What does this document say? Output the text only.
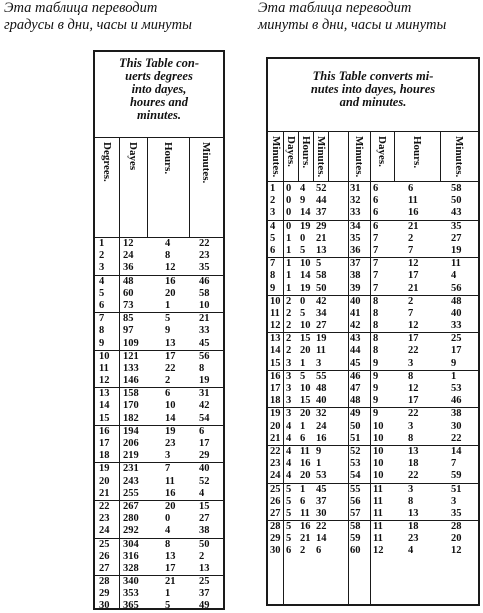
Эта таблица переводит
градусы в дни, часы и минуты
Эта таблица переводит
минуты в дни, часы и минуты
This Table con-
uerts degrees
into dayes,
houres and
minutes.
Degrees. Dayes Hours. Minutes.
1 12	4	22
2 24	8	23
3 36	12 35
4 48	16 46
5 60	20 58
6 73	1	10
7 85	5	21
8 97	9	33
9 109	13 45
10 121	17 56
11 133	22 8
12 146	2	19
13 158	6	31
14 170	10 42
15 182	14 54
16 194	19 6
17 206	23 17
18 219	3	29
19 231	7	40
20 243	11 52
21 255	16 4
22 267	20 15
23 280	0	27
24 292	4	38
25 304	8	50
26 316	13 2
27 328	17 13
28 340	21 25
29 353	1	37
30 365	5	49
This Table converts mi-
nutes into dayes, houres
and minutes.
Minutes. Dayes. Hours. Minutes. Minutes. Dayes. Hours.	Minutes.
1 0 4 52 31 6	6	58
2 0 9 44 32 6	11	50
3 0 14 37 33 6	16	43
4 0 19 29 34 6	21	35
5 1 0 21 35 7	2	27
6 1 5 13 36 7	7	19
7 1 10 5	37 7	12	11
8 1 14 58 38 7	17	4
9 1 19 50 39 7	21	56
10 2 0 42 40 8	2	48
11 2 5 34 41 8	7	40
12 2 10 27 42 8	12	33
13 2 15 19 43 8	17	25
14 2 20 11 44 8	22	17
15 3 1 3	45 9	3	9
16 3 5 55 46 9	8	1
17 3 10 48 47 9	12	53
18 3 15 40 48 9	17	46
19 3 20 32 49 9	22	38
20 4 1 24 50 10 3	30
21 4 6 16 51 10 8	22
22 4 11 9	52 10 13	14
23 4 16 1	53 10 18	7
24 4 20 53 54 10 22	59
25 5 1 45 55 11 3	51
26 5 6 37 56 11 8	3
27 5 11 30 57 11 13	35
28 5 16 22 58 11 18	28
29 5 21 14 59 11 23	20
30 6 2 6	60 12 4	12
